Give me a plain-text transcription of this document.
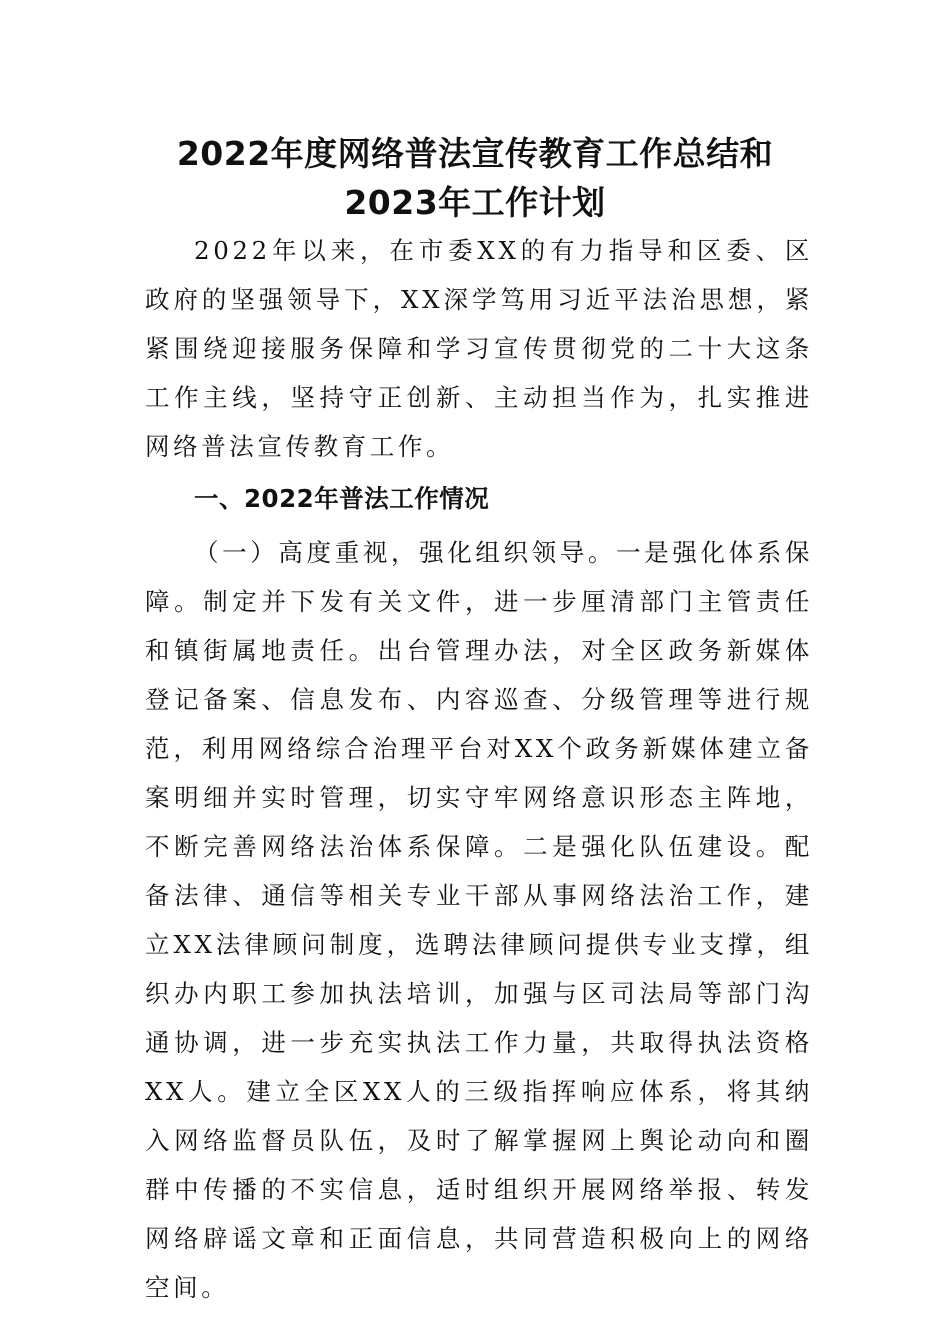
2022年度网络普法宣传教育工作总结和
2023年工作计划

2022年以来，在市委XX的有力指导和区委、区政府的坚强领导下，XX深学笃用习近平法治思想，紧紧围绕迎接服务保障和学习宣传贯彻党的二十大这条工作主线，坚持守正创新、主动担当作为，扎实推进网络普法宣传教育工作。

一、2022年普法工作情况

（一）高度重视，强化组织领导。一是强化体系保障。制定并下发有关文件，进一步厘清部门主管责任和镇街属地责任。出台管理办法，对全区政务新媒体登记备案、信息发布、内容巡查、分级管理等进行规范，利用网络综合治理平台对XX个政务新媒体建立备案明细并实时管理，切实守牢网络意识形态主阵地，不断完善网络法治体系保障。二是强化队伍建设。配备法律、通信等相关专业干部从事网络法治工作，建立XX法律顾问制度，选聘法律顾问提供专业支撑，组织办内职工参加执法培训，加强与区司法局等部门沟通协调，进一步充实执法工作力量，共取得执法资格XX人。建立全区XX人的三级指挥响应体系，将其纳入网络监督员队伍，及时了解掌握网上舆论动向和圈群中传播的不实信息，适时组织开展网络举报、转发网络辟谣文章和正面信息，共同营造积极向上的网络空间。
